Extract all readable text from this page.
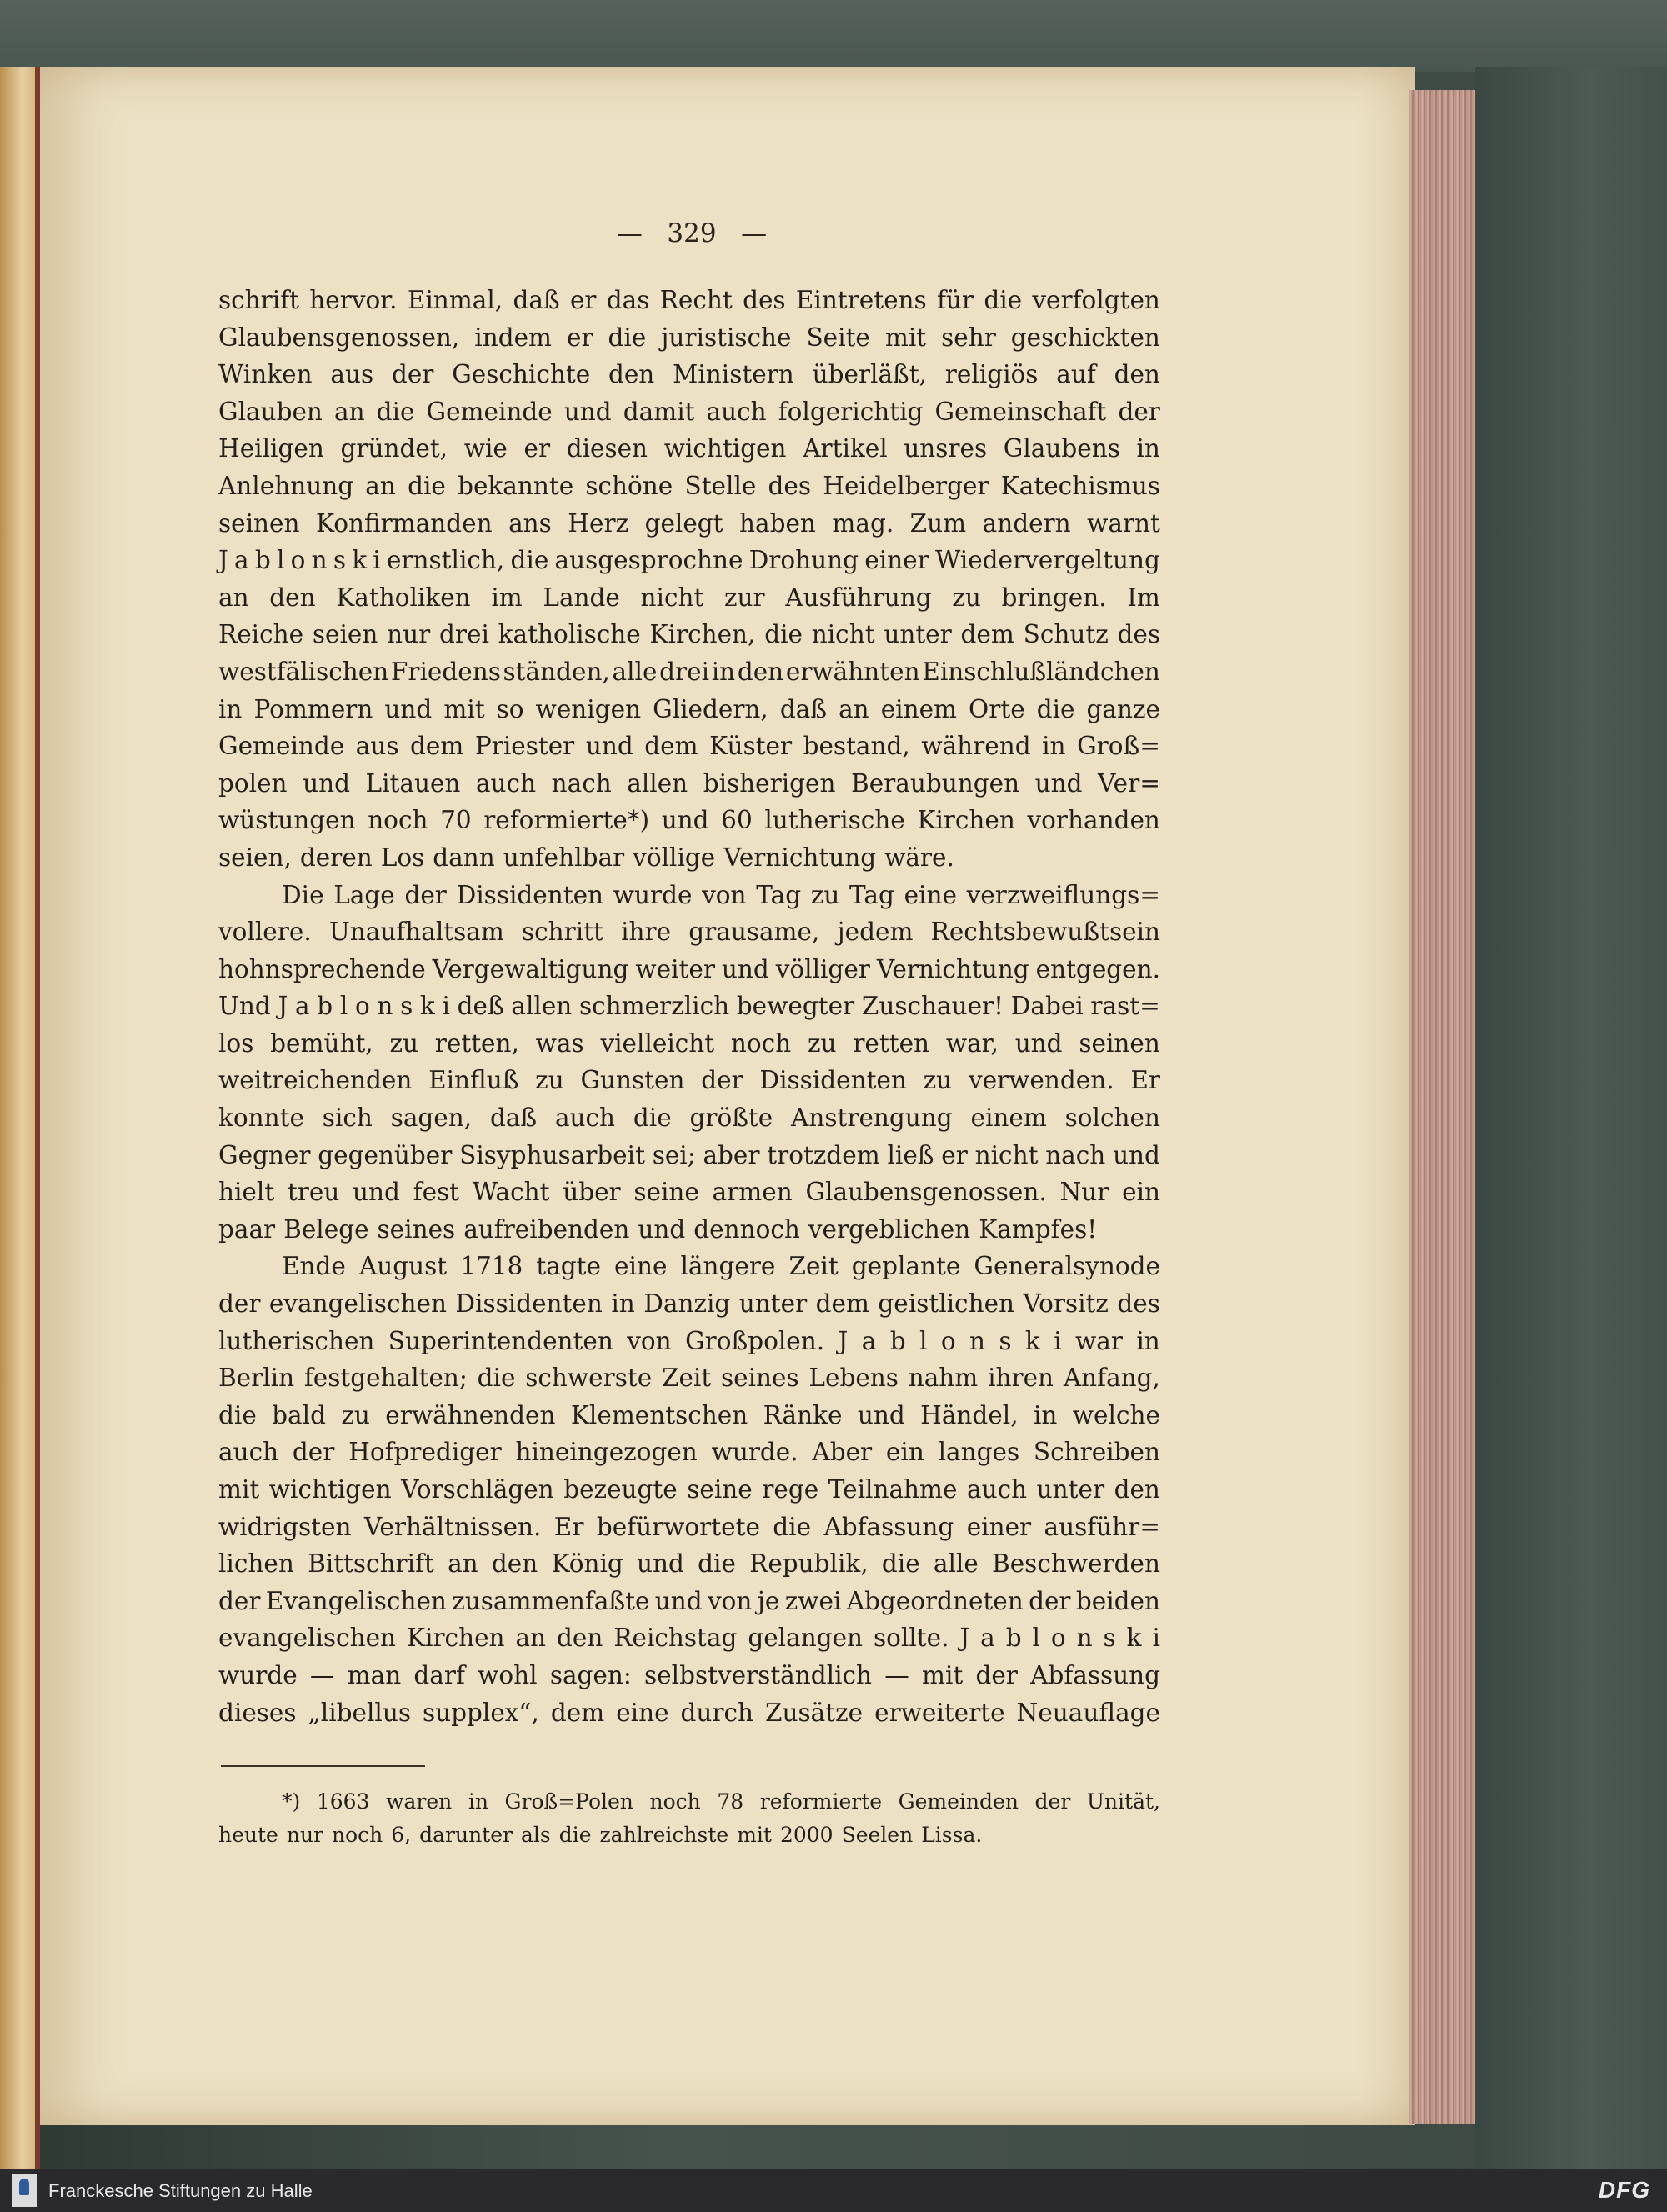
—   329   —
schrift hervor. Einmal, daß er das Recht des Eintretens für die verfolgten
Glaubensgenossen, indem er die juristische Seite mit sehr geschickten
Winken aus der Geschichte den Ministern überläßt, religiös auf den
Glauben an die Gemeinde und damit auch folgerichtig Gemeinschaft der
Heiligen gründet, wie er diesen wichtigen Artikel unsres Glaubens in
Anlehnung an die bekannte schöne Stelle des Heidelberger Katechismus
seinen Konfirmanden ans Herz gelegt haben mag. Zum andern warnt
J a b l o n s k i ernstlich, die ausgesprochne Drohung einer Wiedervergeltung
an den Katholiken im Lande nicht zur Ausführung zu bringen. Im
Reiche seien nur drei katholische Kirchen, die nicht unter dem Schutz des
westfälischen Friedens ständen, alle drei in den erwähnten Einschlußländchen
in Pommern und mit so wenigen Gliedern, daß an einem Orte die ganze
Gemeinde aus dem Priester und dem Küster bestand, während in Groß=
polen und Litauen auch nach allen bisherigen Beraubungen und Ver=
wüstungen noch 70 reformierte*) und 60 lutherische Kirchen vorhanden
seien, deren Los dann unfehlbar völlige Vernichtung wäre.
Die Lage der Dissidenten wurde von Tag zu Tag eine verzweiflungs=
vollere. Unaufhaltsam schritt ihre grausame, jedem Rechtsbewußtsein
hohnsprechende Vergewaltigung weiter und völliger Vernichtung entgegen.
Und J a b l o n s k i deß allen schmerzlich bewegter Zuschauer! Dabei rast=
los bemüht, zu retten, was vielleicht noch zu retten war, und seinen
weitreichenden Einfluß zu Gunsten der Dissidenten zu verwenden. Er
konnte sich sagen, daß auch die größte Anstrengung einem solchen
Gegner gegenüber Sisyphusarbeit sei; aber trotzdem ließ er nicht nach und
hielt treu und fest Wacht über seine armen Glaubensgenossen. Nur ein
paar Belege seines aufreibenden und dennoch vergeblichen Kampfes!
Ende August 1718 tagte eine längere Zeit geplante Generalsynode
der evangelischen Dissidenten in Danzig unter dem geistlichen Vorsitz des
lutherischen Superintendenten von Großpolen. J a b l o n s k i war in
Berlin festgehalten; die schwerste Zeit seines Lebens nahm ihren Anfang,
die bald zu erwähnenden Klementschen Ränke und Händel, in welche
auch der Hofprediger hineingezogen wurde. Aber ein langes Schreiben
mit wichtigen Vorschlägen bezeugte seine rege Teilnahme auch unter den
widrigsten Verhältnissen. Er befürwortete die Abfassung einer ausführ=
lichen Bittschrift an den König und die Republik, die alle Beschwerden
der Evangelischen zusammenfaßte und von je zwei Abgeordneten der beiden
evangelischen Kirchen an den Reichstag gelangen sollte. J a b l o n s k i
wurde — man darf wohl sagen: selbstverständlich — mit der Abfassung
dieses „libellus supplex“, dem eine durch Zusätze erweiterte Neuauflage
*) 1663 waren in Groß=Polen noch 78 reformierte Gemeinden der Unität,
heute nur noch 6, darunter als die zahlreichste mit 2000 Seelen Lissa.
Franckesche Stiftungen zu Halle	DFG
